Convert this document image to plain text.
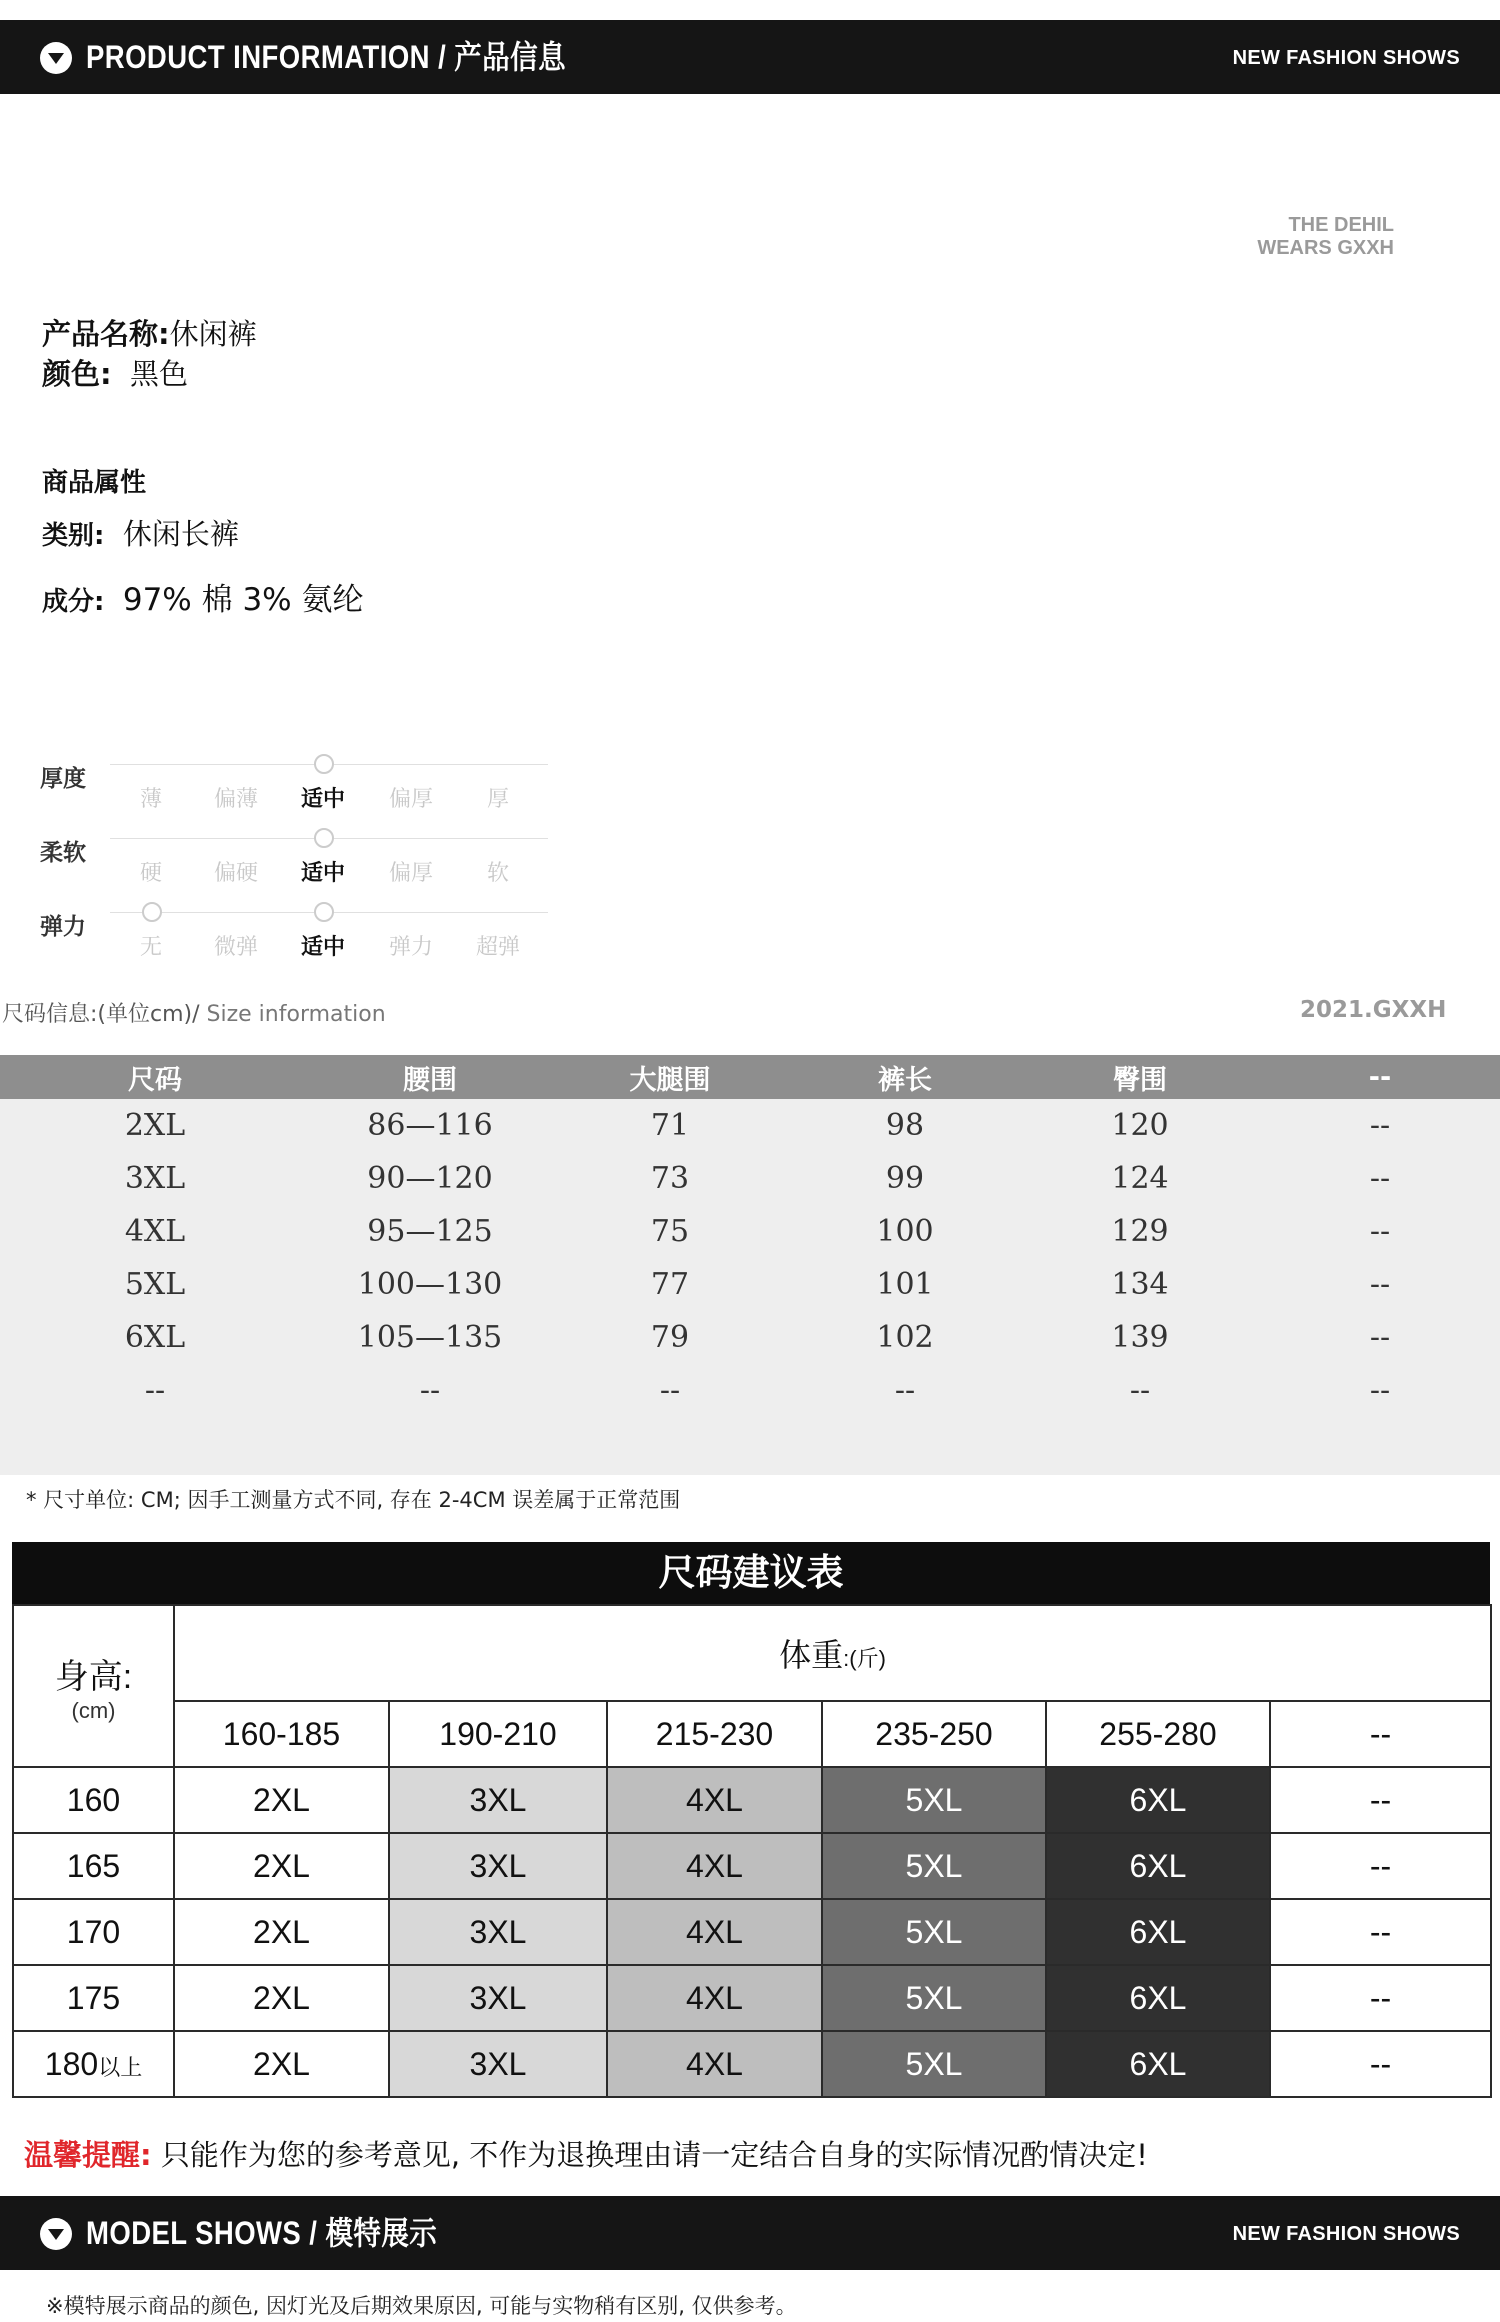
PRODUCT INFORMATION / 产品信息	NEW FASHION SHOWS
THE DEHIL
WEARS GXXH
产品名称:休闲裤
颜色: 黑色
商品属性
类别: 休闲长裤
成分: 97% 棉 3% 氨纶
厚度
薄	偏薄	适中	偏厚	厚
柔软
硬	偏硬	适中	偏厚	软
弹力
无	微弹	适中	弹力	超弹
尺码信息:(单位cm)/ Size information	2021.GXXH
尺码	腰围	大腿围	裤长	臀围	--
2XL	86—116	71	98	120	--
3XL	90—120	73	99	124	--
4XL	95—125	75	100	129	--
5XL	100—130	77	101	134	--
6XL	105—135	79	102	139	--
--	--	--	--	--	--
* 尺寸单位: CM; 因手工测量方式不同, 存在 2-4CM 误差属于正常范围
尺码建议表
身高:
(cm)	体重:(斤)					
	160-185	190-210	215-230	235-250	255-280	--
160	2XL	3XL	4XL	5XL	6XL	--
165	2XL	3XL	4XL	5XL	6XL	--
170	2XL	3XL	4XL	5XL	6XL	--
175	2XL	3XL	4XL	5XL	6XL	--
180以上	2XL	3XL	4XL	5XL	6XL	--
温馨提醒: 只能作为您的参考意见, 不作为退换理由请一定结合自身的实际情况酌情决定!
MODEL SHOWS / 模特展示	NEW FASHION SHOWS
※模特展示商品的颜色, 因灯光及后期效果原因, 可能与实物稍有区别, 仅供参考。
